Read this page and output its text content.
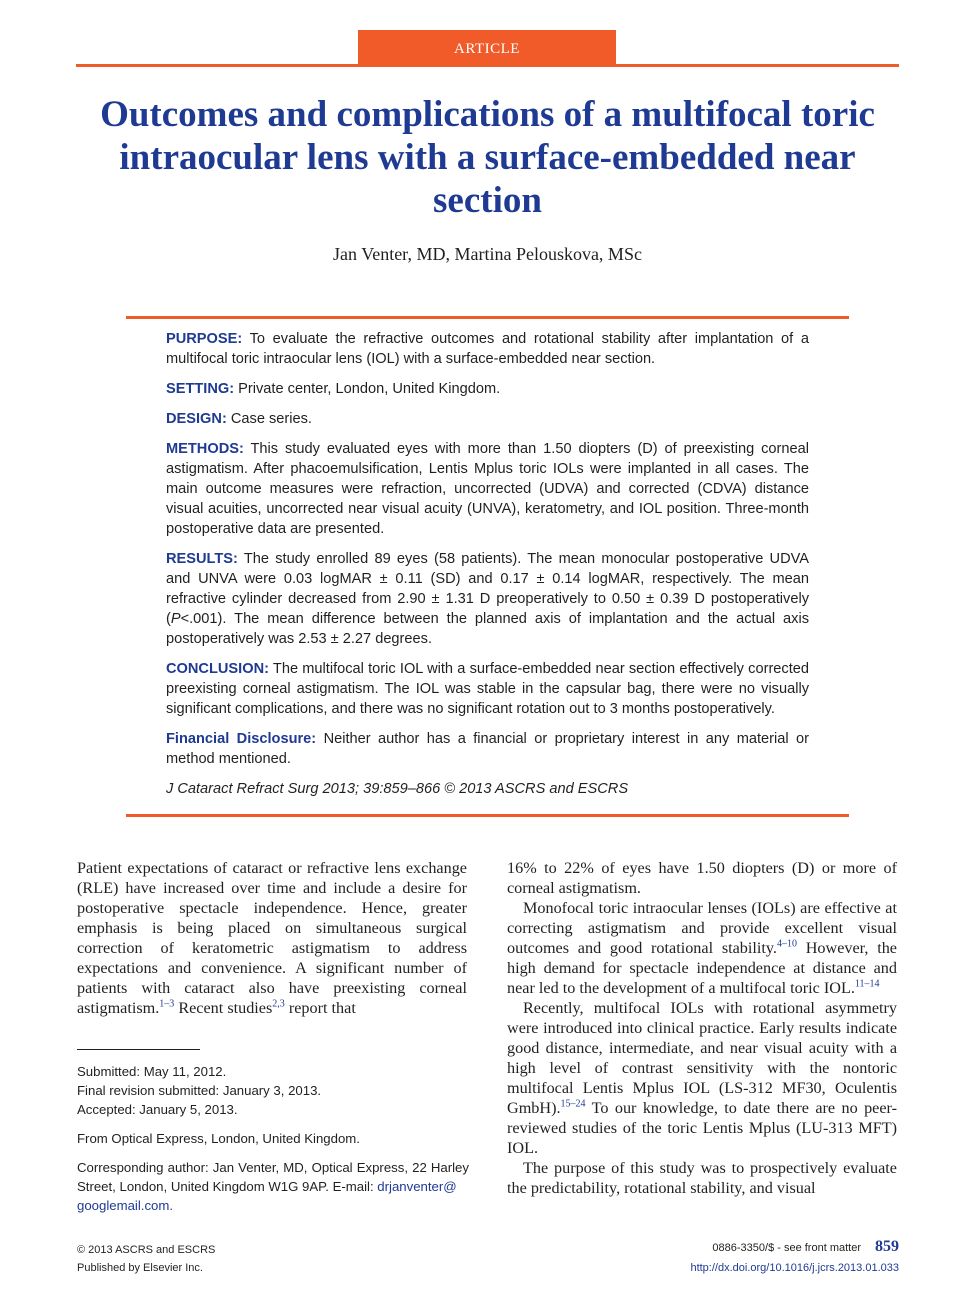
ARTICLE
Outcomes and complications of a multifocal toric intraocular lens with a surface-embedded near section
Jan Venter, MD, Martina Pelouskova, MSc

PURPOSE: To evaluate the refractive outcomes and rotational stability after implantation of a multifocal toric intraocular lens (IOL) with a surface-embedded near section.

SETTING: Private center, London, United Kingdom.

DESIGN: Case series.

METHODS: This study evaluated eyes with more than 1.50 diopters (D) of preexisting corneal astigmatism. After phacoemulsification, Lentis Mplus toric IOLs were implanted in all cases. The main outcome measures were refraction, uncorrected (UDVA) and corrected (CDVA) distance visual acuities, uncorrected near visual acuity (UNVA), keratometry, and IOL position. Three-month postoperative data are presented.

RESULTS: The study enrolled 89 eyes (58 patients). The mean monocular postoperative UDVA and UNVA were 0.03 logMAR ± 0.11 (SD) and 0.17 ± 0.14 logMAR, respectively. The mean refractive cylinder decreased from 2.90 ± 1.31 D preoperatively to 0.50 ± 0.39 D postoperatively (P<.001). The mean difference between the planned axis of implantation and the actual axis postoperatively was 2.53 ± 2.27 degrees.

CONCLUSION: The multifocal toric IOL with a surface-embedded near section effectively corrected preexisting corneal astigmatism. The IOL was stable in the capsular bag, there were no visually significant complications, and there was no significant rotation out to 3 months postoperatively.

Financial Disclosure: Neither author has a financial or proprietary interest in any material or method mentioned.

J Cataract Refract Surg 2013; 39:859–866 © 2013 ASCRS and ESCRS

Patient expectations of cataract or refractive lens exchange (RLE) have increased over time and include a desire for postoperative spectacle independence. Hence, greater emphasis is being placed on simultaneous surgical correction of keratometric astigmatism to address expectations and convenience. A significant number of patients with cataract also have preexisting corneal astigmatism.$^{1-3}$ Recent studies$^{2,3}$ report that

16% to 22% of eyes have 1.50 diopters (D) or more of corneal astigmatism.

Monofocal toric intraocular lenses (IOLs) are effective at correcting astigmatism and provide excellent visual outcomes and good rotational stability.$^{4-10}$ However, the high demand for spectacle independence at distance and near led to the development of a multifocal toric IOL.$^{11-14}$

Recently, multifocal IOLs with rotational asymmetry were introduced into clinical practice. Early results indicate good distance, intermediate, and near visual acuity with a high level of contrast sensitivity with the nontoric multifocal Lentis Mplus IOL (LS-312 MF30, Oculentis GmbH).$^{15-24}$ To our knowledge, to date there are no peer-reviewed studies of the toric Lentis Mplus (LU-313 MFT) IOL.

The purpose of this study was to prospectively evaluate the predictability, rotational stability, and visual

Submitted: May 11, 2012.
Final revision submitted: January 3, 2013.
Accepted: January 5, 2013.

From Optical Express, London, United Kingdom.

Corresponding author: Jan Venter, MD, Optical Express, 22 Harley Street, London, United Kingdom W1G 9AP. E-mail: drjanventer@
googlemail.com.

© 2013 ASCRS and ESCRS
Published by Elsevier Inc.
0886-3350/$ - see front matter 859
http://dx.doi.org/10.1016/j.jcrs.2013.01.033
